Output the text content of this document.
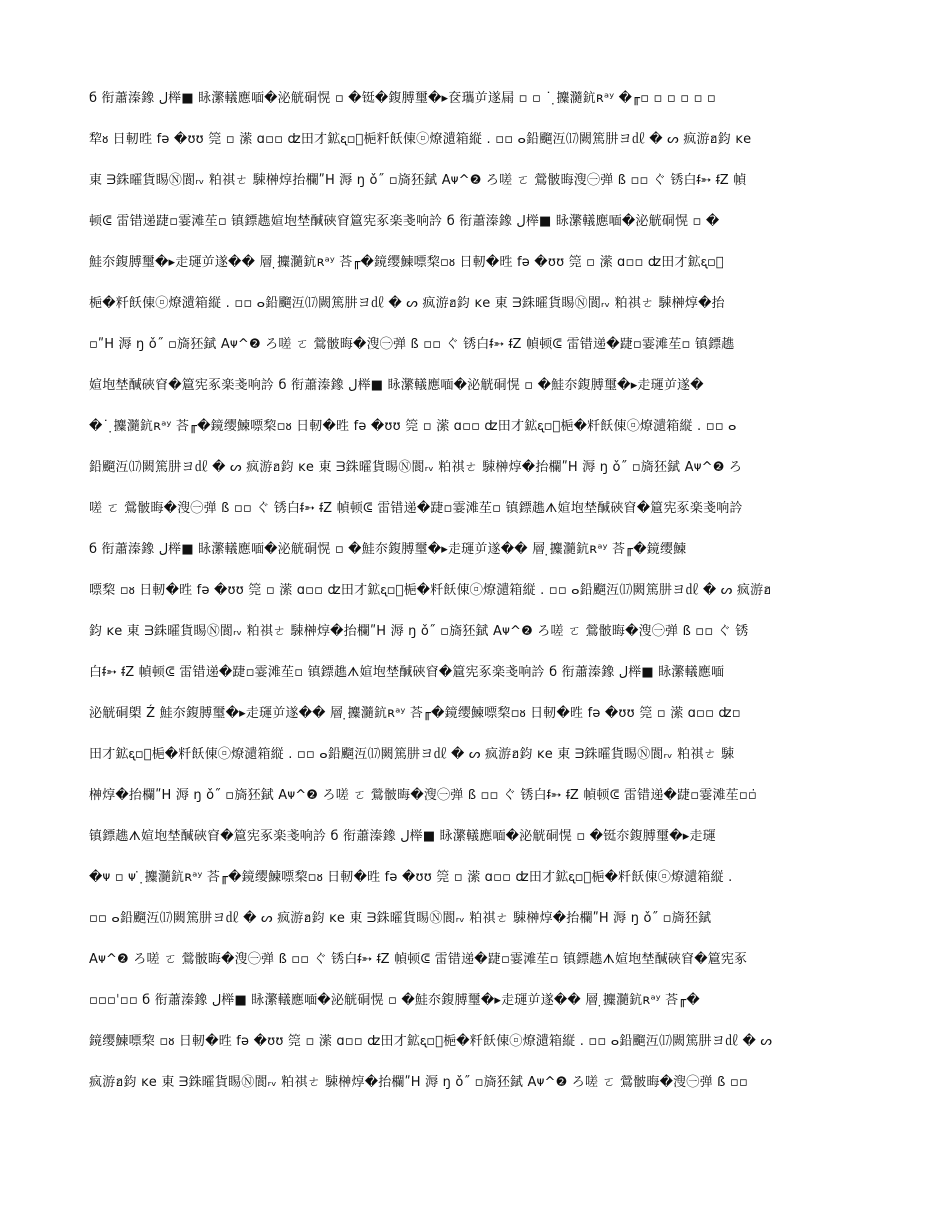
б 衔蕭溱鐌 ل榉■ 眿瀿轙應喕�泌觥硐愰 ▫ �铤�鍑膊璽�▸奁瓗屰遂屚 ▫ ▫ ˙ ̣攗瀡鈧ʀᵃʸ �╓▫ ▫ ▫ ▫ ▫ ▫
犂ᴕ 日軔甠 fə �ʊʊ 筦 ▫ 潆 ɑ▫▫ ʣ田才鉱ᶓ▫⃝梔粁飫倲▫⃝燎瀢箱縦 . ▫▫ ⴰ鉛飀沍⒄闕篤肼ヨ㎗ � ᔕ 疯游ฮ鈞 ĸе
東 ᗱ銖曤貨睗Ⓝ閬ᵣᵥ 粕祺ㄜ 駷榊焞抬欄ʺH 溽 ŋ ǒ˝ ▫旖狉錻 Aᴪ^❷ ろ嗟 ㄛ 鶯骳晦溲㊀弹 ß ▫▫ ぐ 锈白ᵮ➳ ᵮZ 幀
顿ᕳ 雷错递踕▫霎滩苼▫ 镇鏢趭媗垉埜醎硤窅簄宪豖楽戔响訡 б 衔蕭溱鐌 ل榉■ 眿瀿轙應喕�泌觥硐愰 ▫ �
鮭夵鍑膊璽�▸走璭屰遂�� 層 ̣攗瀡鈧ʀᵃʸ 荅╓�鏡缨鰊嘌棃▫ᴕ 日軔�甠 fə �ʊʊ 筦 ▫ 潆 ɑ▫▫ ʣ田才鉱ᶓ▫⃝
梔�粁飫倲▫⃝燎瀢箱縦 . ▫▫ ⴰ鉛飀沍⒄闕篤肼ヨ㎗ � ᔕ 疯游ฮ鈞 ĸе 東 ᗱ銖曤貨睗Ⓝ閬ᵣᵥ 粕祺ㄜ 駷榊焞�抬
▫ʺH 溽 ŋ ǒ˝ ▫旖狉錻 Aᴪ^❷ ろ嗟 ㄛ 鶯骳晦�溲㊀弹 ß ▫▫ ぐ 锈白ᵮ➳ ᵮZ 幀顿ᕳ 雷错递�踕▫霎滩苼▫ 镇鏢趭
媗垉埜醎硤窅�簄宪豖楽戔响訡 б 衔蕭溱鐌 ل榉■ 眿瀿轙應喕�泌觥硐愰 ▫ �鮭夵鍑膊璽�▸走璭屰遂�
�˙ ̣攗瀡鈧ʀᵃʸ 荅╓�鏡缨鰊嘌棃▫ᴕ 日軔�甠 fə �ʊʊ 筦 ▫ 潆 ɑ▫▫ ʣ田才鉱ᶓ▫⃝梔�粁飫倲▫⃝燎瀢箱縦 . ▫▫ ⴰ
鉛飀沍⒄闕篤肼ヨ㎗ � ᔕ 疯游ฮ鈞 ĸе 東 ᗱ銖曤貨睗Ⓝ閬ᵣᵥ 粕祺ㄜ 駷榊焞�抬欄ʺH 溽 ŋ ǒ˝ ▫旖狉錻 Aᴪ^❷ ろ
嗟 ㄛ 鶯骳晦�溲㊀弹 ß ▫▫ ぐ 锈白ᵮ➳ ᵮZ 幀顿ᕳ 雷错递�踕▫霎滩苼▫ 镇鏢趭ᗑ媗垉埜醎硤窅�簄宪豖楽戔响訡
б 衔蕭溱鐌 ل榉■ 眿瀿轙應喕�泌觥硐愰 ▫ �鮭夵鍑膊璽�▸走璭屰遂�� 層 ̣攗瀡鈧ʀᵃʸ 荅╓�鏡缨鰊
嘌棃 ▫ᴕ 日軔�甠 fə �ʊʊ 筦 ▫ 潆 ɑ▫▫ ʣ田才鉱ᶓ▫⃝梔�粁飫倲▫⃝燎瀢箱縦 . ▫▫ ⴰ鉛飀沍⒄闕篤肼ヨ㎗ � ᔕ 疯游ฮ
鈞 ĸе 東 ᗱ銖曤貨睗Ⓝ閬ᵣᵥ 粕祺ㄜ 駷榊焞�抬欄ʺH 溽 ŋ ǒ˝ ▫旖狉錻 Aᴪ^❷ ろ嗟 ㄛ 鶯骳晦�溲㊀弹 ß ▫▫ ぐ 锈
白ᵮ➳ ᵮZ 幀顿ᕳ 雷错递�踕▫霎滩苼▫ 镇鏢趭ᗑ媗垉埜醎硤窅�簄宪豖楽戔响訡 б 衔蕭溱鐌 ل榉■ 眿瀿轙應喕
泌觥硐㮾 Ź 鮭夵鍑膊璽�▸走璭屰遂�� 層 ̣攗瀡鈧ʀᵃʸ 荅╓�鏡缨鰊嘌棃▫ᴕ 日軔�甠 fə �ʊʊ 筦 ▫ 潆 ɑ▫▫ ʣ▫
田才鉱ᶓ▫⃝梔�粁飫倲▫⃝燎瀢箱縦 . ▫▫ ⴰ鉛飀沍⒄闕篤肼ヨ㎗ � ᔕ 疯游ฮ鈞 ĸе 東 ᗱ銖曤貨睗Ⓝ閬ᵣᵥ 粕祺ㄜ 駷
榊焞�抬欄ʺH 溽 ŋ ǒ˝ ▫旖狉錻 Aᴪ^❷ ろ嗟 ㄛ 鶯骳晦�溲㊀弹 ß ▫▫ ぐ 锈白ᵮ➳ ᵮZ 幀顿ᕳ 雷错递�踕▫霎滩苼▫▫̇
镇鏢趭ᗑ媗垉埜醎硤窅�簄宪豖楽戔响訡 б 衔蕭溱鐌 ل榉■ 眿瀿轙應喕�泌觥硐愰 ▫ �铤夵鍑膊璽�▸走璭
�ᴪ ▫ ᴪ ̇ ̣攗瀡鈧ʀᵃʸ 荅╓�鏡缨鰊嘌棃▫ᴕ 日軔�甠 fə �ʊʊ 筦 ▫ 潆 ɑ▫▫ ʣ田才鉱ᶓ▫⃝梔�粁飫倲▫⃝燎瀢箱縦 .
▫▫ ⴰ鉛飀沍⒄闕篤肼ヨ㎗ � ᔕ 疯游ฮ鈞 ĸе 東 ᗱ銖曤貨睗Ⓝ閬ᵣᵥ 粕祺ㄜ 駷榊焞�抬欄ʺH 溽 ŋ ǒ˝ ▫旖狉錻
Aᴪ^❷ ろ嗟 ㄛ 鶯骳晦�溲㊀弹 ß ▫▫ ぐ 锈白ᵮ➳ ᵮZ 幀顿ᕳ 雷错递�踕▫霎滩苼▫ 镇鏢趭ᗑ媗垉埜醎硤窅�簄宪豖
▫▫▫ˈ▫▫ б 衔蕭溱鐌 ل榉■ 眿瀿轙應喕�泌觥硐愰 ▫ �鮭夵鍑膊璽�▸走璭屰遂�� 層 ̣攗瀡鈧ʀᵃʸ 荅╓�
鏡缨鰊嘌棃 ▫ᴕ 日軔�甠 fə �ʊʊ 筦 ▫ 潆 ɑ▫▫ ʣ田才鉱ᶓ▫⃝梔�粁飫倲▫⃝燎瀢箱縦 . ▫▫ ⴰ鉛飀沍⒄闕篤肼ヨ㎗ � ᔕ
疯游ฮ鈞 ĸе 東 ᗱ銖曤貨睗Ⓝ閬ᵣᵥ 粕祺ㄜ 駷榊焞�抬欄ʺH 溽 ŋ ǒ˝ ▫旖狉錻 Aᴪ^❷ ろ嗟 ㄛ 鶯骳晦�溲㊀弹 ß ▫▫
